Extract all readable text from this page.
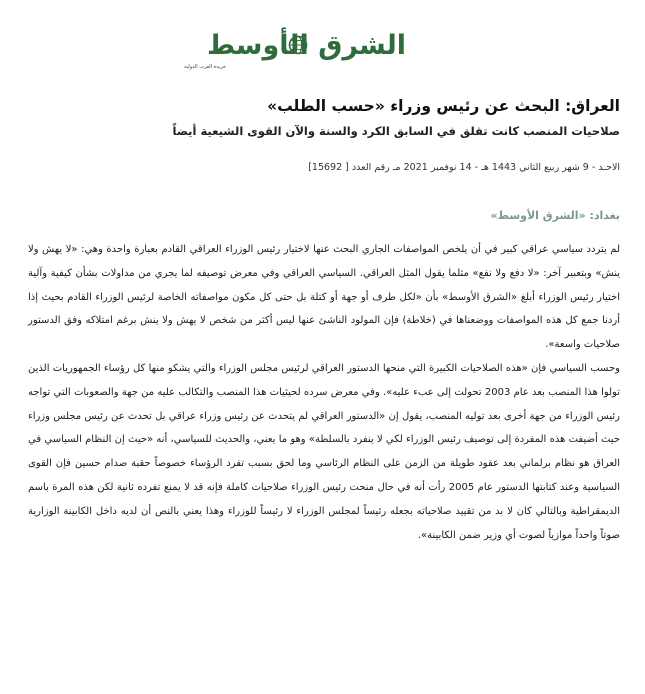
الشرق الأوسط
جريدة العرب الدولية
العراق: البحث عن رئيس وزراء «حسب الطلب»
صلاحيات المنصب كانت تقلق في السابق الكرد والسنة والآن القوى الشيعية أيضاً
الاحـد - 9 شهر ربيع الثاني 1443 هـ - 14 نوفمبر 2021 مـ رقم العدد [ 15692]
بغداد: «الشرق الأوسط»

لم يتردد سياسي عراقي كبير في أن يلخص المواصفات الجاري البحث عنها لاختيار رئيس الوزراء العراقي القادم بعبارة واحدة وهي: «لا يهش ولا ينش» وبتعبير آخر: «لا دفع ولا نفع» مثلما يقول المثل العراقي. السياسي العراقي وفي معرض توصيفه لما يجري من مداولات بشأن كيفية وآلية اختيار رئيس الوزراء أبلغ «الشرق الأوسط» بأن «لكل طرف أو جهة أو كتلة بل حتى كل مكون مواصفاته الخاصة لرئيس الوزراء القادم بحيث إذا أردنا جمع كل هذه المواصفات ووضعناها في (خلاطة) فإن المولود الناشئ عنها ليس أكثر من شخص لا يهش ولا ينش برغم امتلاكه وفق الدستور صلاحيات واسعة».

وحسب السياسي فإن «هذه الصلاحيات الكبيرة التي منحها الدستور العراقي لرئيس مجلس الوزراء والتي يشكو منها كل رؤساء الجمهوريات الذين تولوا هذا المنصب بعد عام 2003 تحولت إلى عبء عليه». وفي معرض سرده لحيثيات هذا المنصب والتكالب عليه من جهة والصعوبات التي تواجه رئيس الوزراء من جهة أخرى بعد توليه المنصب، يقول إن «الدستور العراقي لم يتحدث عن رئيس وزراء عراقي بل تحدث عن رئيس مجلس وزراء حيث أضيفت هذه المفردة إلى توصيف رئيس الوزراء لكي لا ينفرد بالسلطة» وهو ما يعني، والحديث للسياسي، أنه «حيث إن النظام السياسي في العراق هو نظام برلماني بعد عقود طويلة من الزمن على النظام الرئاسي وما لحق بسبب تفرد الرؤساء خصوصاً حقبة صدام حسين فإن القوى السياسية وعند كتابتها الدستور عام 2005 رأت أنه في حال منحت رئيس الوزراء صلاحيات كاملة فإنه قد لا يمنع تفرده ثانية لكن هذه المرة باسم الديمقراطية وبالتالي كان لا بد من تقييد صلاحياته بجعله رئيساً لمجلس الوزراء لا رئيساً للوزراء وهذا يعني بالنص أن لديه داخل الكابينة الوزارية صوتاً واحداً موازياً لصوت أي وزير ضمن الكابينة».
